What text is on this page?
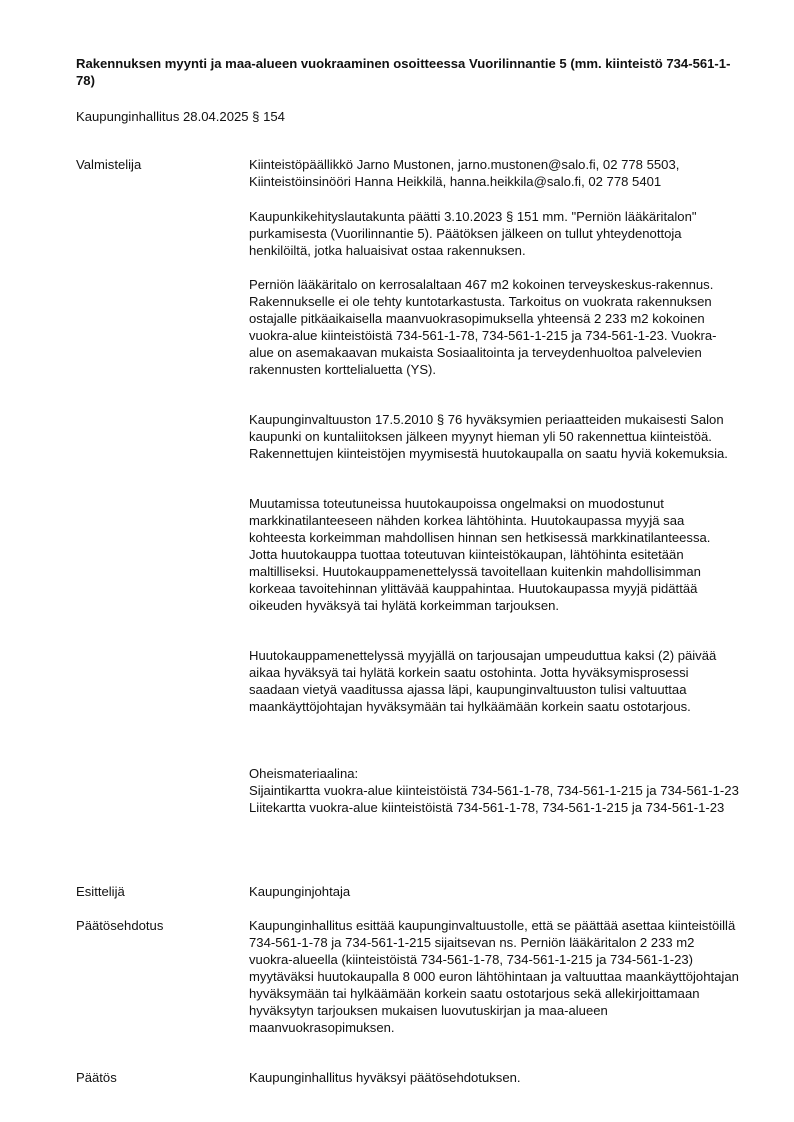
Rakennuksen myynti ja maa-alueen vuokraaminen osoitteessa Vuorilinnantie 5 (mm. kiinteistö 734-561-1-78)

Kaupunginhallitus 28.04.2025 § 154

Valmistelija	Kiinteistöpäällikkö Jarno Mustonen, jarno.mustonen@salo.fi, 02 778 5503,

Kiinteistöinsinööri Hanna Heikkilä, hanna.heikkila@salo.fi, 02 778 5401

Kaupunkikehityslautakunta päätti 3.10.2023 § 151 mm. "Perniön lääkäritalon" purkamisesta (Vuorilinnantie 5). Päätöksen jälkeen on tullut yhteydenottoja henkilöiltä, jotka haluaisivat ostaa rakennuksen.

Perniön lääkäritalo on kerrosalaltaan 467 m2 kokoinen terveyskeskus-rakennus. Rakennukselle ei ole tehty kuntotarkastusta. Tarkoitus on vuokrata rakennuksen ostajalle pitkäaikaisella maanvuokrasopimuksella yhteensä 2 233 m2 kokoinen vuokra-alue kiinteistöistä 734-561-1-78, 734-561-1-215 ja 734-561-1-23. Vuokra-alue on asemakaavan mukaista Sosiaalitointa ja terveydenhuoltoa palvelevien rakennusten korttelialuetta (YS).

Kaupunginvaltuuston 17.5.2010 § 76 hyväksymien periaatteiden mukaisesti Salon kaupunki on kuntaliitoksen jälkeen myynyt hieman yli 50 rakennettua kiinteistöä. Rakennettujen kiinteistöjen myymisestä huutokaupalla on saatu hyviä kokemuksia.

Muutamissa toteutuneissa huutokaupoissa ongelmaksi on muodostunut markkinatilanteeseen nähden korkea lähtöhinta. Huutokaupassa myyjä saa kohteesta korkeimman mahdollisen hinnan sen hetkisessä markkinatilanteessa. Jotta huutokauppa tuottaa toteutuvan kiinteistökaupan, lähtöhinta esitetään maltilliseksi. Huutokauppamenettelyssä tavoitellaan kuitenkin mahdollisimman korkeaa tavoitehinnan ylittävää kauppahintaa. Huutokaupassa myyjä pidättää oikeuden hyväksyä tai hylätä korkeimman tarjouksen.

Huutokauppamenettelyssä myyjällä on tarjousajan umpeuduttua kaksi (2) päivää aikaa hyväksyä tai hylätä korkein saatu ostohinta. Jotta hyväksymisprosessi saadaan vietyä vaaditussa ajassa läpi, kaupunginvaltuuston tulisi valtuuttaa maankäyttöjohtajan hyväksymään tai hylkäämään korkein saatu ostotarjous.

Oheismateriaalina:

Sijaintikartta vuokra-alue kiinteistöistä 734-561-1-78, 734-561-1-215 ja 734-561-1-23

Liitekartta vuokra-alue kiinteistöistä 734-561-1-78, 734-561-1-215 ja 734-561-1-23

Esittelijä	Kaupunginjohtaja

Päätösehdotus	Kaupunginhallitus esittää kaupunginvaltuustolle, että se päättää asettaa kiinteistöillä 734-561-1-78 ja 734-561-1-215 sijaitsevan ns. Perniön lääkäritalon 2 233 m2 vuokra-alueella (kiinteistöistä 734-561-1-78, 734-561-1-215 ja 734-561-1-23) myytäväksi huutokaupalla 8 000 euron lähtöhintaan ja valtuuttaa maankäyttöjohtajan hyväksymään tai hylkäämään korkein saatu ostotarjous sekä allekirjoittamaan hyväksytyn tarjouksen mukaisen luovutuskirjan ja maa-alueen maanvuokrasopimuksen.

Päätös	Kaupunginhallitus hyväksyi päätösehdotuksen.
